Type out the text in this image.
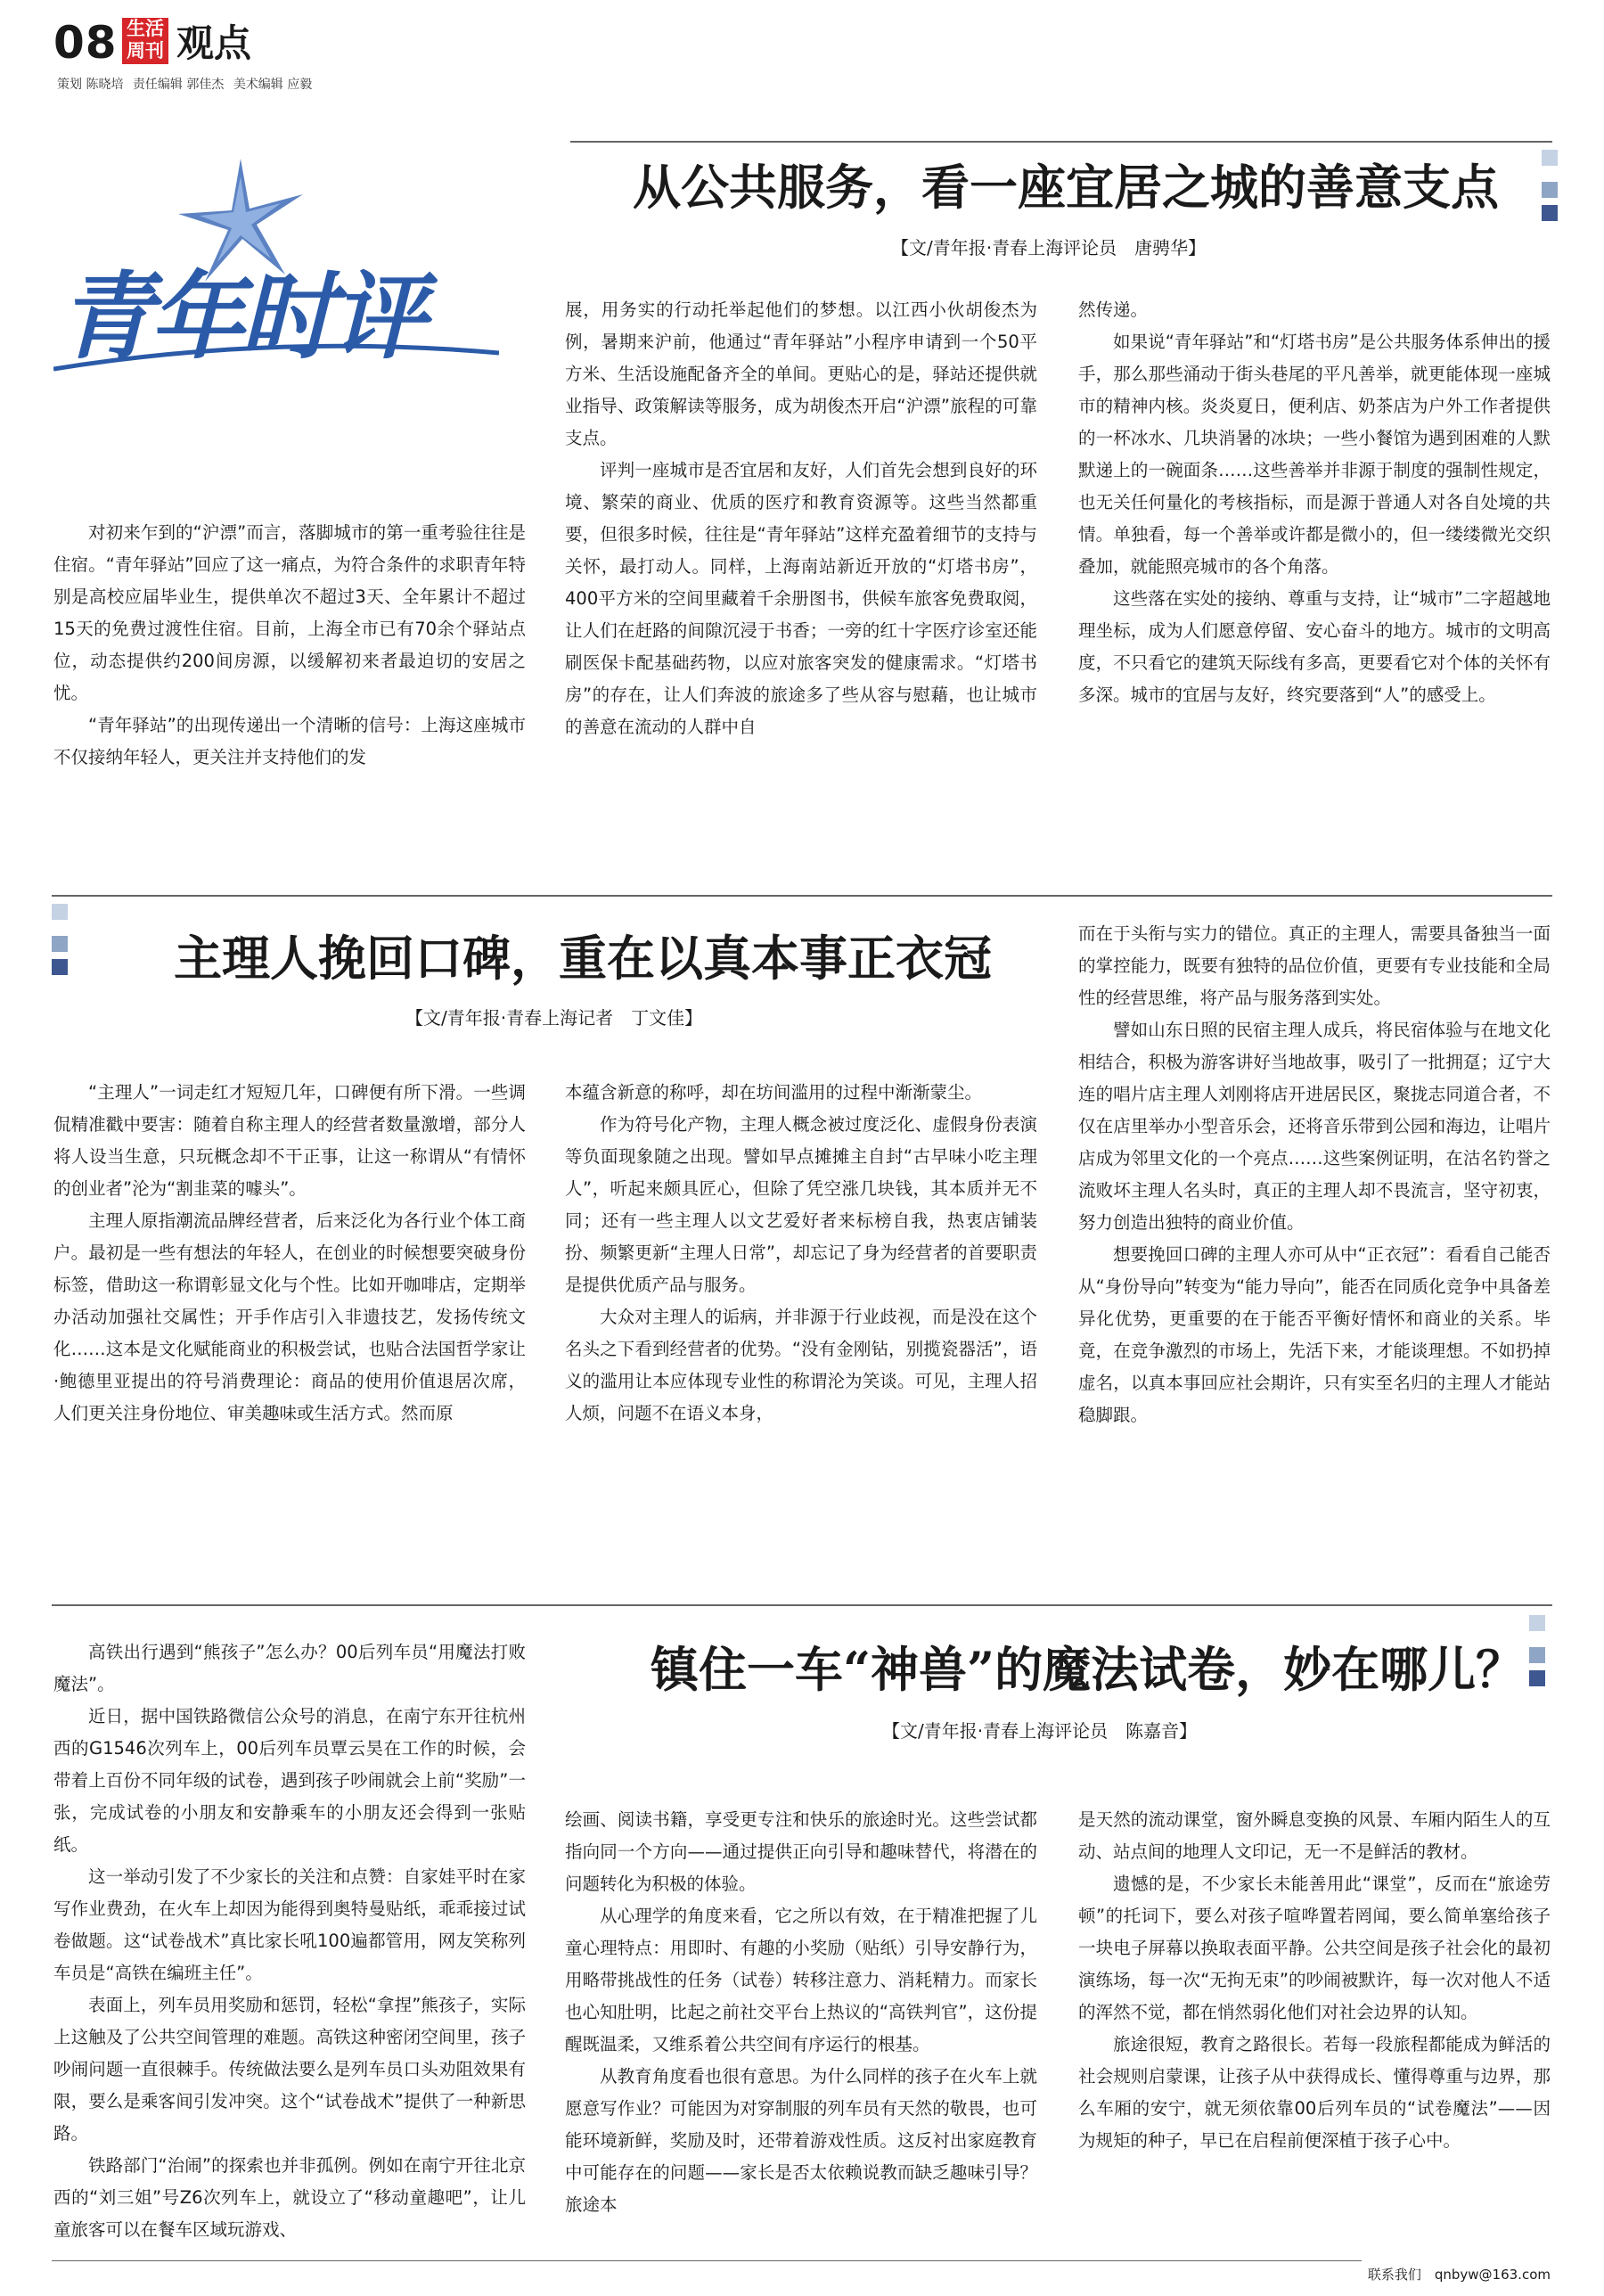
08 生活
周刊 观点
策划 陈晓培 责任编辑 郭佳杰 美术编辑 应毅
青年时评
从公共服务，看一座宜居之城的善意支点
【文/青年报·青春上海评论员　唐骋华】

对初来乍到的“沪漂”而言，落脚城市的第一重考验往往是住宿。“青年驿站”回应了这一痛点，为符合条件的求职青年特别是高校应届毕业生，提供单次不超过3天、全年累计不超过15天的免费过渡性住宿。目前，上海全市已有70余个驿站点位，动态提供约200间房源，以缓解初来者最迫切的安居之忧。

“青年驿站”的出现传递出一个清晰的信号：上海这座城市不仅接纳年轻人，更关注并支持他们的发

展，用务实的行动托举起他们的梦想。以江西小伙胡俊杰为例，暑期来沪前，他通过“青年驿站”小程序申请到一个50平方米、生活设施配备齐全的单间。更贴心的是，驿站还提供就业指导、政策解读等服务，成为胡俊杰开启“沪漂”旅程的可靠支点。

评判一座城市是否宜居和友好，人们首先会想到良好的环境、繁荣的商业、优质的医疗和教育资源等。这些当然都重要，但很多时候，往往是“青年驿站”这样充盈着细节的支持与关怀，最打动人。同样，上海南站新近开放的“灯塔书房”，400平方米的空间里藏着千余册图书，供候车旅客免费取阅，让人们在赶路的间隙沉浸于书香；一旁的红十字医疗诊室还能刷医保卡配基础药物，以应对旅客突发的健康需求。“灯塔书房”的存在，让人们奔波的旅途多了些从容与慰藉，也让城市的善意在流动的人群中自

然传递。

如果说“青年驿站”和“灯塔书房”是公共服务体系伸出的援手，那么那些涌动于街头巷尾的平凡善举，就更能体现一座城市的精神内核。炎炎夏日，便利店、奶茶店为户外工作者提供的一杯冰水、几块消暑的冰块；一些小餐馆为遇到困难的人默默递上的一碗面条……这些善举并非源于制度的强制性规定，也无关任何量化的考核指标，而是源于普通人对各自处境的共情。单独看，每一个善举或许都是微小的，但一缕缕微光交织叠加，就能照亮城市的各个角落。

这些落在实处的接纳、尊重与支持，让“城市”二字超越地理坐标，成为人们愿意停留、安心奋斗的地方。城市的文明高度，不只看它的建筑天际线有多高，更要看它对个体的关怀有多深。城市的宜居与友好，终究要落到“人”的感受上。

主理人挽回口碑，重在以真本事正衣冠
【文/青年报·青春上海记者　丁文佳】

“主理人”一词走红才短短几年，口碑便有所下滑。一些调侃精准戳中要害：随着自称主理人的经营者数量激增，部分人将人设当生意，只玩概念却不干正事，让这一称谓从“有情怀的创业者”沦为“割韭菜的噱头”。

主理人原指潮流品牌经营者，后来泛化为各行业个体工商户。最初是一些有想法的年轻人，在创业的时候想要突破身份标签，借助这一称谓彰显文化与个性。比如开咖啡店，定期举办活动加强社交属性；开手作店引入非遗技艺，发扬传统文化……这本是文化赋能商业的积极尝试，也贴合法国哲学家让·鲍德里亚提出的符号消费理论：商品的使用价值退居次席，人们更关注身份地位、审美趣味或生活方式。然而原

本蕴含新意的称呼，却在坊间滥用的过程中渐渐蒙尘。

作为符号化产物，主理人概念被过度泛化、虚假身份表演等负面现象随之出现。譬如早点摊摊主自封“古早味小吃主理人”，听起来颇具匠心，但除了凭空涨几块钱，其本质并无不同；还有一些主理人以文艺爱好者来标榜自我，热衷店铺装扮、频繁更新“主理人日常”，却忘记了身为经营者的首要职责是提供优质产品与服务。

大众对主理人的诟病，并非源于行业歧视，而是没在这个名头之下看到经营者的优势。“没有金刚钻，别揽瓷器活”，语义的滥用让本应体现专业性的称谓沦为笑谈。可见，主理人招人烦，问题不在语义本身，

而在于头衔与实力的错位。真正的主理人，需要具备独当一面的掌控能力，既要有独特的品位价值，更要有专业技能和全局性的经营思维，将产品与服务落到实处。

譬如山东日照的民宿主理人成兵，将民宿体验与在地文化相结合，积极为游客讲好当地故事，吸引了一批拥趸；辽宁大连的唱片店主理人刘刚将店开进居民区，聚拢志同道合者，不仅在店里举办小型音乐会，还将音乐带到公园和海边，让唱片店成为邻里文化的一个亮点……这些案例证明，在沽名钓誉之流败坏主理人名头时，真正的主理人却不畏流言，坚守初衷，努力创造出独特的商业价值。

想要挽回口碑的主理人亦可从中“正衣冠”：看看自己能否从“身份导向”转变为“能力导向”，能否在同质化竞争中具备差异化优势，更重要的在于能否平衡好情怀和商业的关系。毕竟，在竞争激烈的市场上，先活下来，才能谈理想。不如扔掉虚名，以真本事回应社会期许，只有实至名归的主理人才能站稳脚跟。

镇住一车“神兽”的魔法试卷，妙在哪儿？
【文/青年报·青春上海评论员　陈嘉音】

高铁出行遇到“熊孩子”怎么办？00后列车员“用魔法打败魔法”。

近日，据中国铁路微信公众号的消息，在南宁东开往杭州西的G1546次列车上，00后列车员覃云昊在工作的时候，会带着上百份不同年级的试卷，遇到孩子吵闹就会上前“奖励”一张，完成试卷的小朋友和安静乘车的小朋友还会得到一张贴纸。

这一举动引发了不少家长的关注和点赞：自家娃平时在家写作业费劲，在火车上却因为能得到奥特曼贴纸，乖乖接过试卷做题。这“试卷战术”真比家长吼100遍都管用，网友笑称列车员是“高铁在编班主任”。

表面上，列车员用奖励和惩罚，轻松“拿捏”熊孩子，实际上这触及了公共空间管理的难题。高铁这种密闭空间里，孩子吵闹问题一直很棘手。传统做法要么是列车员口头劝阻效果有限，要么是乘客间引发冲突。这个“试卷战术”提供了一种新思路。

铁路部门“治闹”的探索也并非孤例。例如在南宁开往北京西的“刘三姐”号Z6次列车上，就设立了“移动童趣吧”，让儿童旅客可以在餐车区域玩游戏、

绘画、阅读书籍，享受更专注和快乐的旅途时光。这些尝试都指向同一个方向——通过提供正向引导和趣味替代，将潜在的问题转化为积极的体验。

从心理学的角度来看，它之所以有效，在于精准把握了儿童心理特点：用即时、有趣的小奖励（贴纸）引导安静行为，用略带挑战性的任务（试卷）转移注意力、消耗精力。而家长也心知肚明，比起之前社交平台上热议的“高铁判官”，这份提醒既温柔，又维系着公共空间有序运行的根基。

从教育角度看也很有意思。为什么同样的孩子在火车上就愿意写作业？可能因为对穿制服的列车员有天然的敬畏，也可能环境新鲜，奖励及时，还带着游戏性质。这反衬出家庭教育中可能存在的问题——家长是否太依赖说教而缺乏趣味引导？旅途本

是天然的流动课堂，窗外瞬息变换的风景、车厢内陌生人的互动、站点间的地理人文印记，无一不是鲜活的教材。

遗憾的是，不少家长未能善用此“课堂”，反而在“旅途劳顿”的托词下，要么对孩子喧哗置若罔闻，要么简单塞给孩子一块电子屏幕以换取表面平静。公共空间是孩子社会化的最初演练场，每一次“无拘无束”的吵闹被默许，每一次对他人不适的浑然不觉，都在悄然弱化他们对社会边界的认知。

旅途很短，教育之路很长。若每一段旅程都能成为鲜活的社会规则启蒙课，让孩子从中获得成长、懂得尊重与边界，那么车厢的安宁，就无须依靠00后列车员的“试卷魔法”——因为规矩的种子，早已在启程前便深植于孩子心中。

联系我们　qnbyw@163.com
